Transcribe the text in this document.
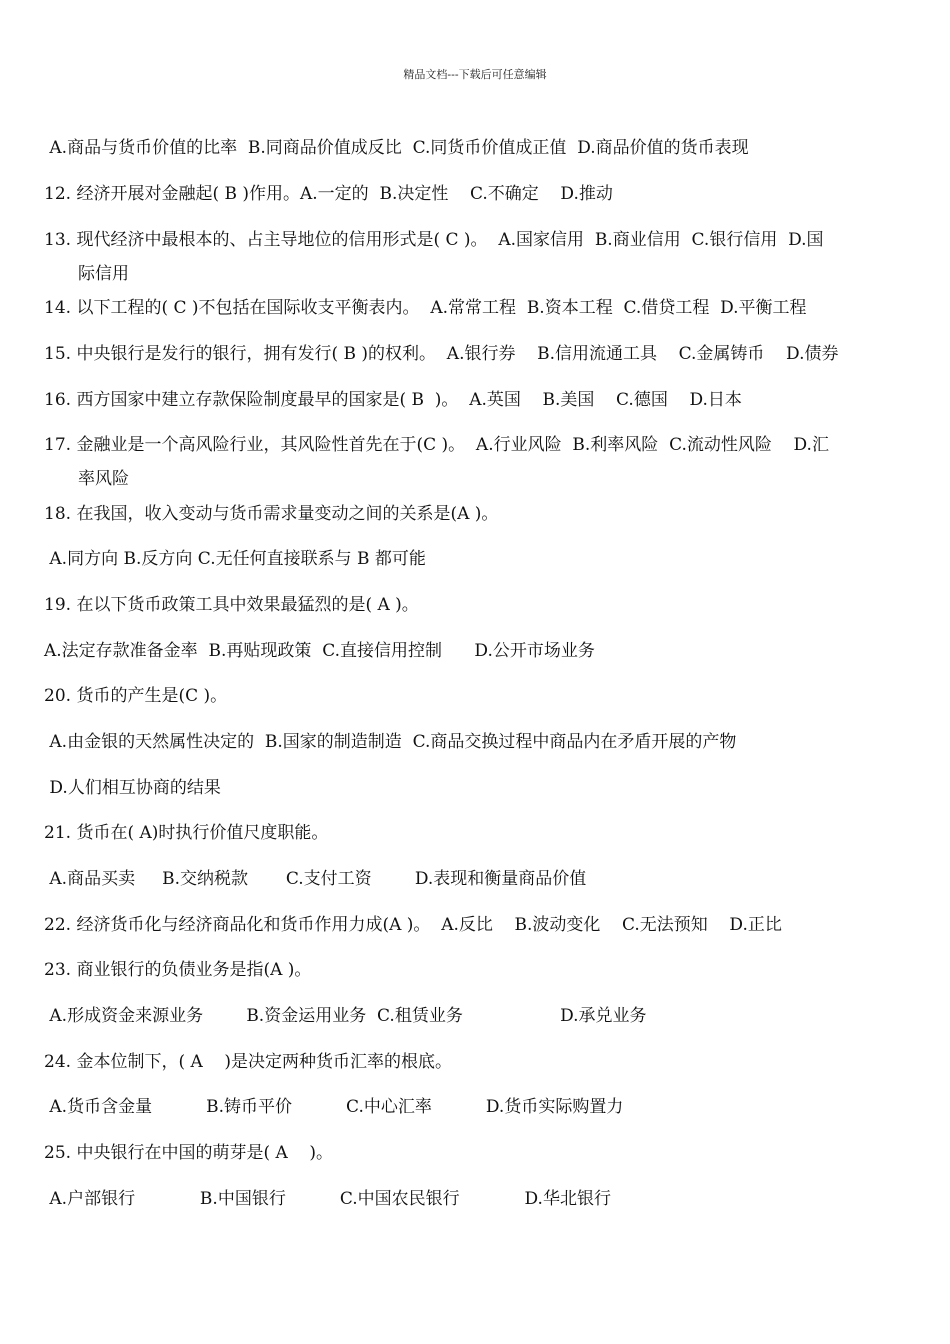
精品文档---下载后可任意编辑
A.商品与货币价值的比率  B.同商品价值成反比  C.同货币价值成正值  D.商品价值的货币表现
12. 经济开展对金融起( B )作用。A.一定的  B.决定性    C.不确定    D.推动
13. 现代经济中最根本的、占主导地位的信用形式是( C )。  A.国家信用  B.商业信用  C.银行信用  D.国
际信用
14. 以下工程的( C )不包括在国际收支平衡表内。  A.常常工程  B.资本工程  C.借贷工程  D.平衡工程
15. 中央银行是发行的银行，拥有发行( B )的权利。  A.银行券    B.信用流通工具    C.金属铸币    D.债券
16. 西方国家中建立存款保险制度最早的国家是( B  )。  A.英国    B.美国    C.德国    D.日本
17. 金融业是一个高风险行业，其风险性首先在于(C )。  A.行业风险  B.利率风险  C.流动性风险    D.汇
率风险
18. 在我国，收入变动与货币需求量变动之间的关系是(A )。
A.同方向 B.反方向 C.无任何直接联系与 B 都可能
19. 在以下货币政策工具中效果最猛烈的是( A )。
A.法定存款准备金率  B.再贴现政策  C.直接信用控制      D.公开市场业务
20. 货币的产生是(C )。
A.由金银的天然属性决定的  B.国家的制造制造  C.商品交换过程中商品内在矛盾开展的产物
D.人们相互协商的结果
21. 货币在( A)时执行价值尺度职能。
A.商品买卖     B.交纳税款       C.支付工资        D.表现和衡量商品价值
22. 经济货币化与经济商品化和货币作用力成(A )。  A.反比    B.波动变化    C.无法预知    D.正比
23. 商业银行的负债业务是指(A )。
A.形成资金来源业务        B.资金运用业务  C.租赁业务                  D.承兑业务
24. 金本位制下，( A    )是决定两种货币汇率的根底。
A.货币含金量          B.铸币平价          C.中心汇率          D.货币实际购置力
25. 中央银行在中国的萌芽是( A    )。
A.户部银行            B.中国银行          C.中国农民银行            D.华北银行
